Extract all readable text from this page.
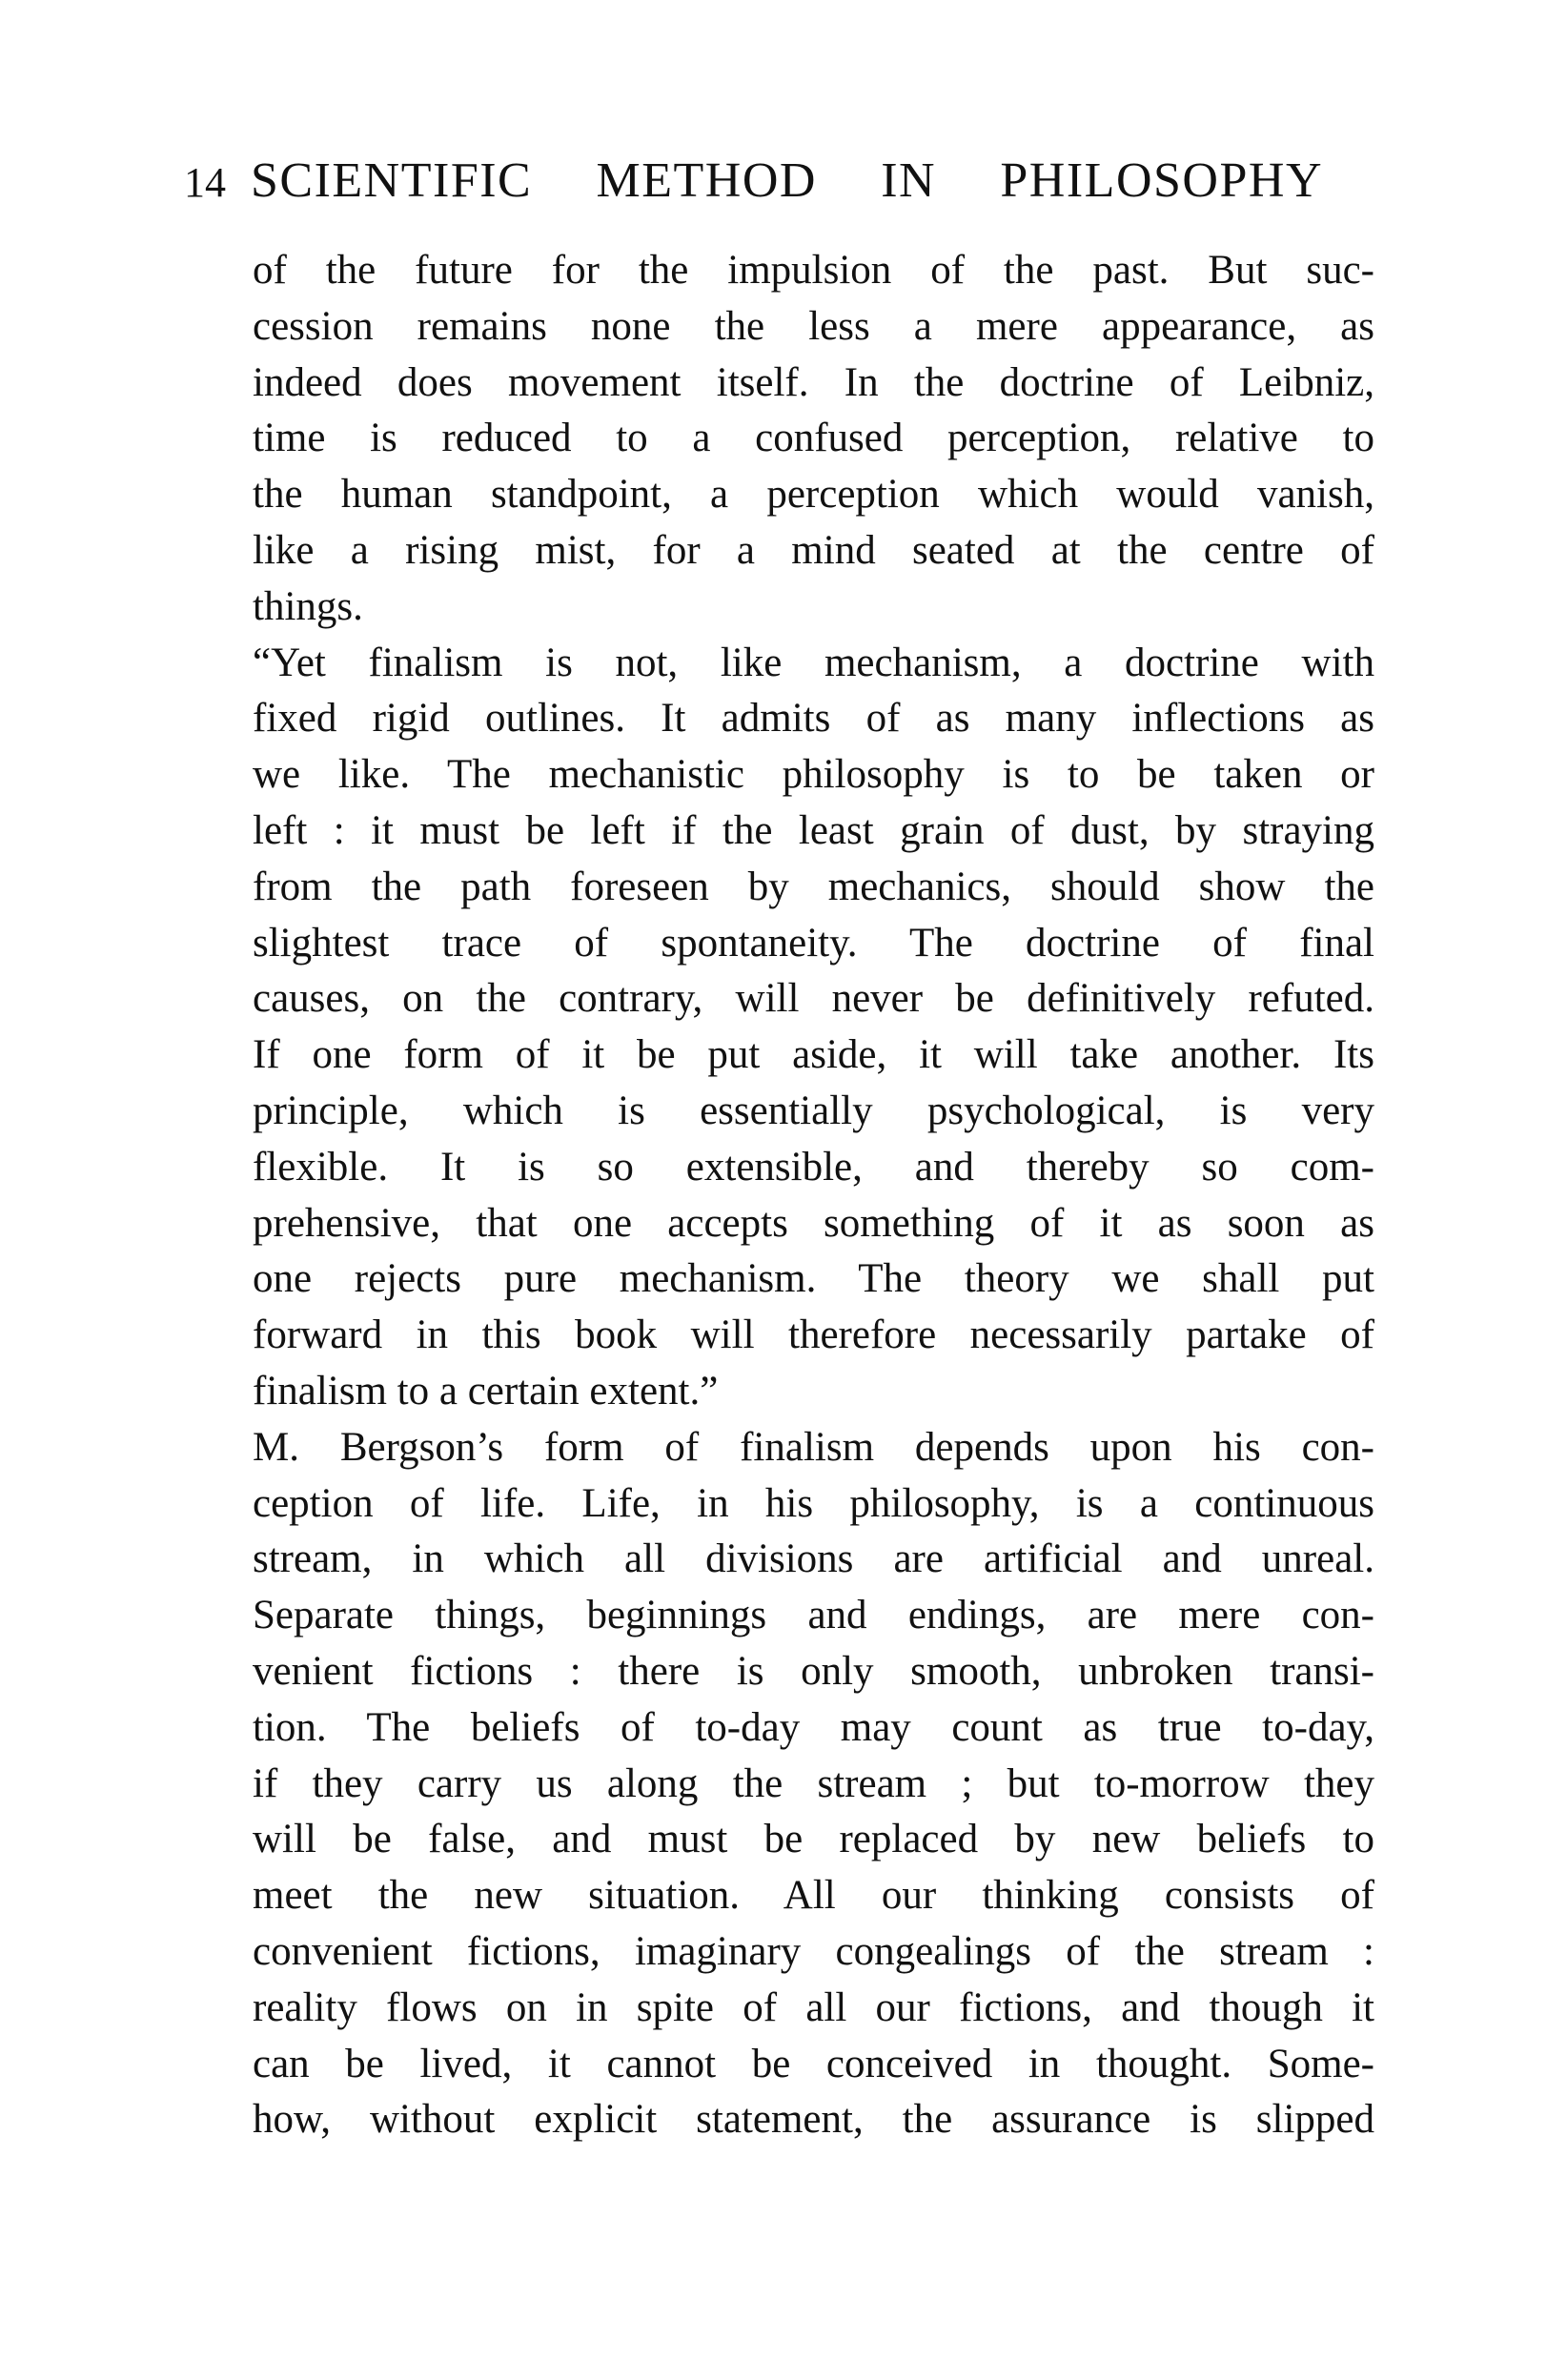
14 SCIENTIFIC METHOD IN PHILOSOPHY
of the future for the impulsion of the past. But suc-
cession remains none the less a mere appearance, as
indeed does movement itself. In the doctrine of Leibniz,
time is reduced to a confused perception, relative to
the human standpoint, a perception which would vanish,
like a rising mist, for a mind seated at the centre of
things.
“Yet finalism is not, like mechanism, a doctrine with
fixed rigid outlines. It admits of as many inflections as
we like. The mechanistic philosophy is to be taken or
left : it must be left if the least grain of dust, by straying
from the path foreseen by mechanics, should show the
slightest trace of spontaneity. The doctrine of final
causes, on the contrary, will never be definitively refuted.
If one form of it be put aside, it will take another. Its
principle, which is essentially psychological, is very
flexible. It is so extensible, and thereby so com-
prehensive, that one accepts something of it as soon as
one rejects pure mechanism. The theory we shall put
forward in this book will therefore necessarily partake of
finalism to a certain extent.”
M. Bergson’s form of finalism depends upon his con-
ception of life. Life, in his philosophy, is a continuous
stream, in which all divisions are artificial and unreal.
Separate things, beginnings and endings, are mere con-
venient fictions : there is only smooth, unbroken transi-
tion. The beliefs of to-day may count as true to-day,
if they carry us along the stream ; but to-morrow they
will be false, and must be replaced by new beliefs to
meet the new situation. All our thinking consists of
convenient fictions, imaginary congealings of the stream :
reality flows on in spite of all our fictions, and though it
can be lived, it cannot be conceived in thought. Some-
how, without explicit statement, the assurance is slipped
